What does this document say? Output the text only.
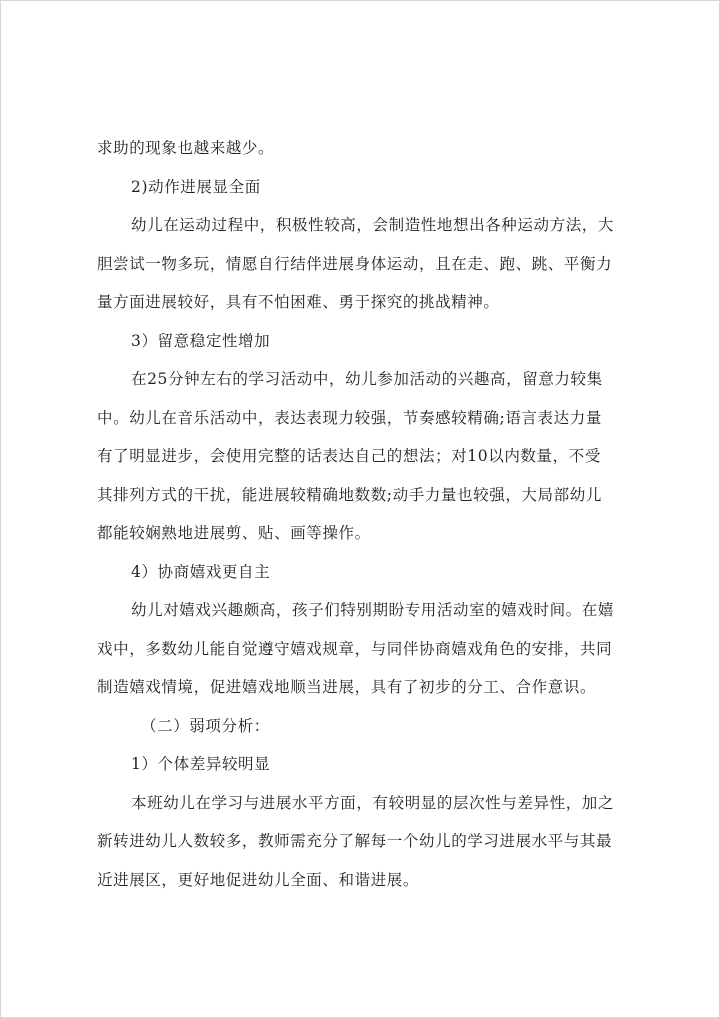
求助的现象也越来越少。
2)动作进展显全面
幼儿在运动过程中，积极性较高，会制造性地想出各种运动方法，大
胆尝试一物多玩，情愿自行结伴进展身体运动，且在走、跑、跳、平衡力
量方面进展较好，具有不怕困难、勇于探究的挑战精神。
3）留意稳定性增加
在25分钟左右的学习活动中，幼儿参加活动的兴趣高，留意力较集
中。幼儿在音乐活动中，表达表现力较强，节奏感较精确;语言表达力量
有了明显进步，会使用完整的话表达自己的想法；对10以内数量，不受
其排列方式的干扰，能进展较精确地数数;动手力量也较强，大局部幼儿
都能较娴熟地进展剪、贴、画等操作。
4）协商嬉戏更自主
幼儿对嬉戏兴趣颇高，孩子们特别期盼专用活动室的嬉戏时间。在嬉
戏中，多数幼儿能自觉遵守嬉戏规章，与同伴协商嬉戏角色的安排，共同
制造嬉戏情境，促进嬉戏地顺当进展，具有了初步的分工、合作意识。
（二）弱项分析：
1）个体差异较明显
本班幼儿在学习与进展水平方面，有较明显的层次性与差异性，加之
新转进幼儿人数较多，教师需充分了解每一个幼儿的学习进展水平与其最
近进展区，更好地促进幼儿全面、和谐进展。
